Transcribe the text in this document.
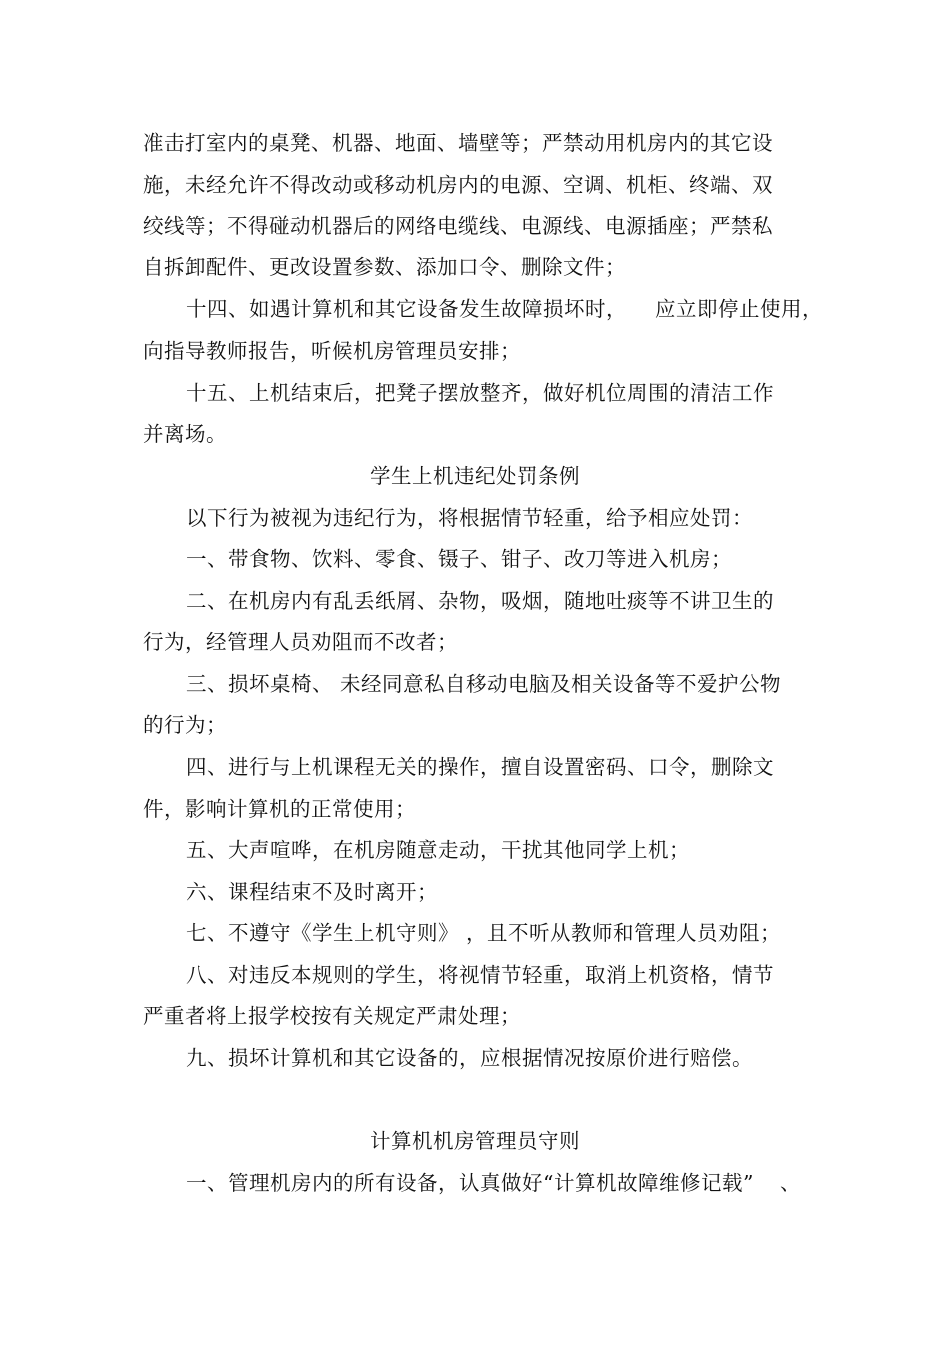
准击打室内的桌凳、机器、地面、墙壁等；严禁动用机房内的其它设
施，未经允许不得改动或移动机房内的电源、空调、机柜、终端、双
绞线等；不得碰动机器后的网络电缆线、电源线、电源插座；严禁私
自拆卸配件、更改设置参数、添加口令、删除文件；
十四、如遇计算机和其它设备发生故障损坏时， 应立即停止使用，
向指导教师报告，听候机房管理员安排；
十五、上机结束后，把凳子摆放整齐，做好机位周围的清洁工作
并离场。
学生上机违纪处罚条例
以下行为被视为违纪行为，将根据情节轻重，给予相应处罚：
一、带食物、饮料、零食、镊子、钳子、改刀等进入机房；
二、在机房内有乱丢纸屑、杂物，吸烟，随地吐痰等不讲卫生的
行为，经管理人员劝阻而不改者；
三、损坏桌椅、 未经同意私自移动电脑及相关设备等不爱护公物
的行为；
四、进行与上机课程无关的操作，擅自设置密码、口令，删除文
件，影响计算机的正常使用；
五、大声喧哗，在机房随意走动，干扰其他同学上机；
六、课程结束不及时离开；
七、不遵守《学生上机守则》 ，且不听从教师和管理人员劝阻；
八、对违反本规则的学生，将视情节轻重，取消上机资格，情节
严重者将上报学校按有关规定严肃处理；
九、损坏计算机和其它设备的，应根据情况按原价进行赔偿。
计算机机房管理员守则
一、管理机房内的所有设备，认真做好“计算机故障维修记载” 、
